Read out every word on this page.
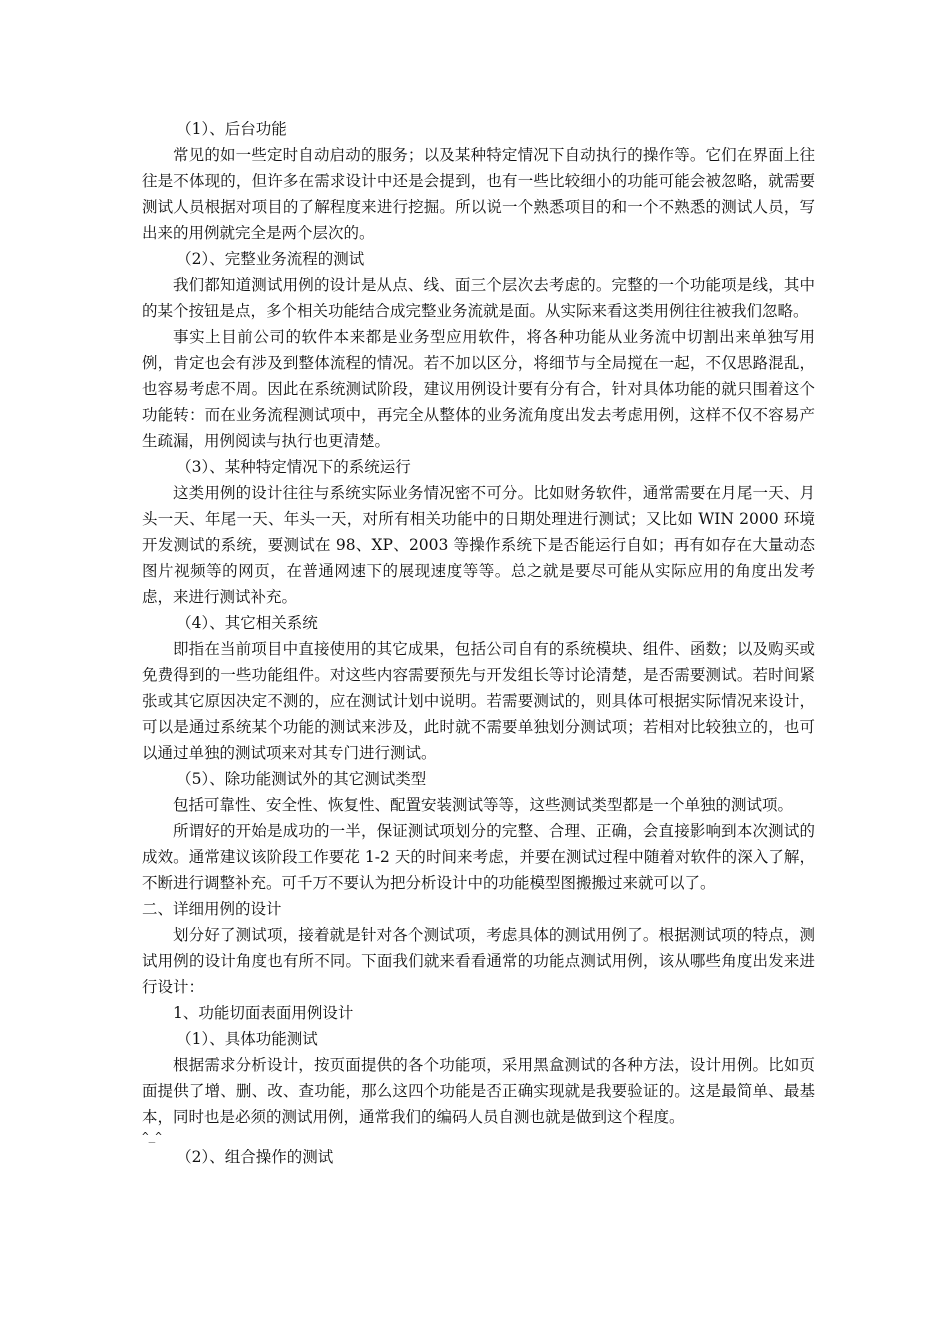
（1）、后台功能

常见的如一些定时自动启动的服务；以及某种特定情况下自动执行的操作等。它们在界面上往往是不体现的，但许多在需求设计中还是会提到，也有一些比较细小的功能可能会被忽略，就需要测试人员根据对项目的了解程度来进行挖掘。所以说一个熟悉项目的和一个不熟悉的测试人员，写出来的用例就完全是两个层次的。

（2）、完整业务流程的测试

我们都知道测试用例的设计是从点、线、面三个层次去考虑的。完整的一个功能项是线，其中的某个按钮是点，多个相关功能结合成完整业务流就是面。从实际来看这类用例往往被我们忽略。

事实上目前公司的软件本来都是业务型应用软件，将各种功能从业务流中切割出来单独写用例，肯定也会有涉及到整体流程的情况。若不加以区分，将细节与全局搅在一起，不仅思路混乱，也容易考虑不周。因此在系统测试阶段，建议用例设计要有分有合，针对具体功能的就只围着这个功能转：而在业务流程测试项中，再完全从整体的业务流角度出发去考虑用例，这样不仅不容易产生疏漏，用例阅读与执行也更清楚。

（3）、某种特定情况下的系统运行

这类用例的设计往往与系统实际业务情况密不可分。比如财务软件，通常需要在月尾一天、月头一天、年尾一天、年头一天，对所有相关功能中的日期处理进行测试；又比如 WIN 2000 环境开发测试的系统，要测试在 98、XP、2003 等操作系统下是否能运行自如；再有如存在大量动态图片视频等的网页，在普通网速下的展现速度等等。总之就是要尽可能从实际应用的角度出发考虑，来进行测试补充。

（4）、其它相关系统

即指在当前项目中直接使用的其它成果，包括公司自有的系统模块、组件、函数；以及购买或免费得到的一些功能组件。对这些内容需要预先与开发组长等讨论清楚，是否需要测试。若时间紧张或其它原因决定不测的，应在测试计划中说明。若需要测试的，则具体可根据实际情况来设计，可以是通过系统某个功能的测试来涉及，此时就不需要单独划分测试项；若相对比较独立的，也可以通过单独的测试项来对其专门进行测试。

（5）、除功能测试外的其它测试类型

包括可靠性、安全性、恢复性、配置安装测试等等，这些测试类型都是一个单独的测试项。

所谓好的开始是成功的一半，保证测试项划分的完整、合理、正确，会直接影响到本次测试的成效。通常建议该阶段工作要花 1-2 天的时间来考虑，并要在测试过程中随着对软件的深入了解，不断进行调整补充。可千万不要认为把分析设计中的功能模型图搬搬过来就可以了。

二、详细用例的设计

划分好了测试项，接着就是针对各个测试项，考虑具体的测试用例了。根据测试项的特点，测试用例的设计角度也有所不同。下面我们就来看看通常的功能点测试用例，该从哪些角度出发来进行设计：

1、功能切面表面用例设计

（1）、具体功能测试

根据需求分析设计，按页面提供的各个功能项，采用黑盒测试的各种方法，设计用例。比如页面提供了增、删、改、查功能，那么这四个功能是否正确实现就是我要验证的。这是最简单、最基本，同时也是必须的测试用例，通常我们的编码人员自测也就是做到这个程度。

^_^

（2）、组合操作的测试
